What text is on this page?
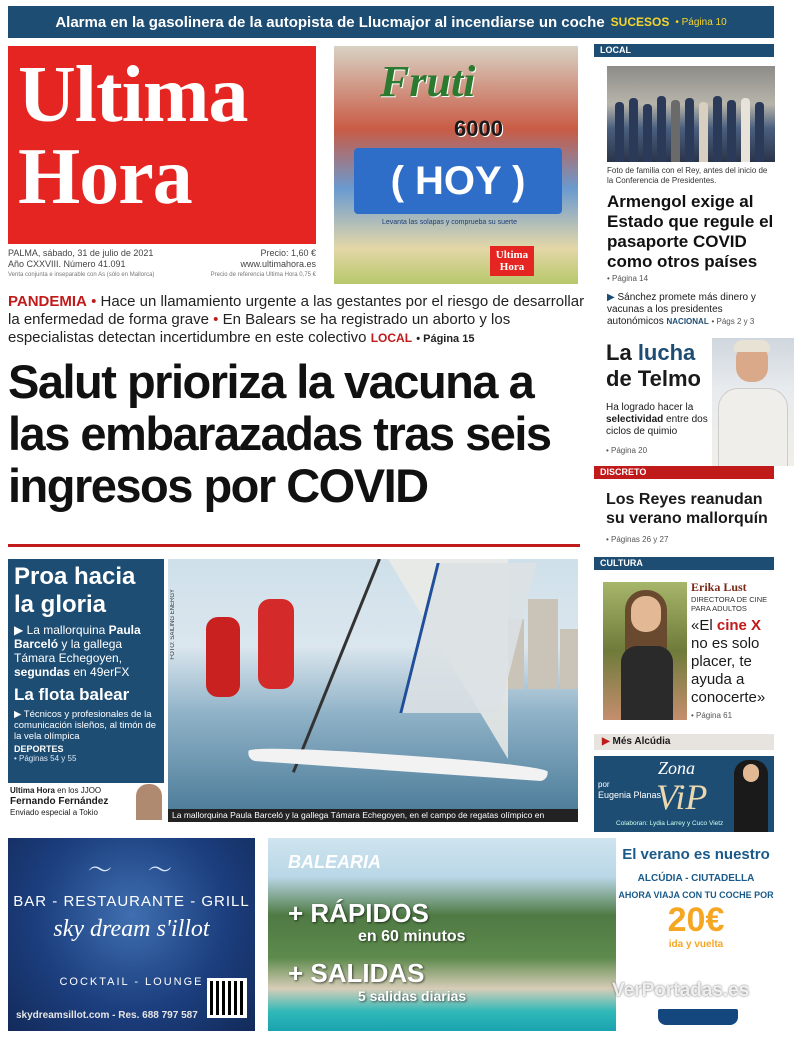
Alarma en la gasolinera de la autopista de Llucmajor al incendiarse un coche SUCESOS • Página 10
Ultima
Hora
PALMA, sábado, 31 de julio de 2021	Precio: 1,60 €
Año CXXVIII. Número 41.091	www.ultimahora.es
Venta conjunta e inseparable con As (sólo en Mallorca)	Precio de referencia Ultima Hora 0,75 €
Fruti
6000
( HOY )
Levanta las solapas y comprueba su suerte
Ultima Hora
LOCAL
Foto de familia con el Rey, antes del inicio de la Conferencia de Presidentes.
Armengol exige al Estado que regule el pasaporte COVID como otros países
• Página 14
▶ Sánchez promete más dinero y vacunas a los presidentes autonómicos NACIONAL • Págs 2 y 3
La lucha
de Telmo
Ha logrado hacer la selectividad entre dos ciclos de quimio
• Página 20
DISCRETO
Los Reyes reanudan su verano mallorquín
• Páginas 26 y 27
CULTURA
Erika Lust
DIRECTORA DE CINE PARA ADULTOS
«El cine X no es solo placer, te ayuda a conocerte»
• Página 61
▶ Més Alcúdia
Zona
ViP
por
Eugenia Planas
Colaboran: Lydia Larrey y Cuco Vietz
PANDEMIA • Hace un llamamiento urgente a las gestantes por el riesgo de desarrollar la enfermedad de forma grave • En Balears se ha registrado un aborto y los especialistas detectan incertidumbre en este colectivo LOCAL • Página 15
Salut prioriza la vacuna a las embarazadas tras seis ingresos por COVID
Proa hacia la gloria

▶ La mallorquina Paula Barceló y la gallega Támara Echegoyen, segundas en 49erFX

La flota balear
▶ Técnicos y profesionales de la comunicación isleños, al timón de la vela olímpica
DEPORTES
• Páginas 54 y 55
Ultima Hora en los JJOO
Fernando Fernández
Enviado especial a Tokio
FOTO: SAILING ENERGY
La mallorquina Paula Barceló y la gallega Támara Echegoyen, en el campo de regatas olímpico en Enoshima.
〜 〜
BAR - RESTAURANTE - GRILL
sky dream s'illot
COCKTAIL - LOUNGE
skydreamsillot.com - Res. 688 797 587
BALEARIA
+ RÁPIDOS
en 60 minutos
+ SALIDAS
5 salidas diarias
El verano es nuestro
ALCÚDIA - CIUTADELLA
AHORA VIAJA CON TU COCHE POR
20€
ida y vuelta
VerPortadas.es
